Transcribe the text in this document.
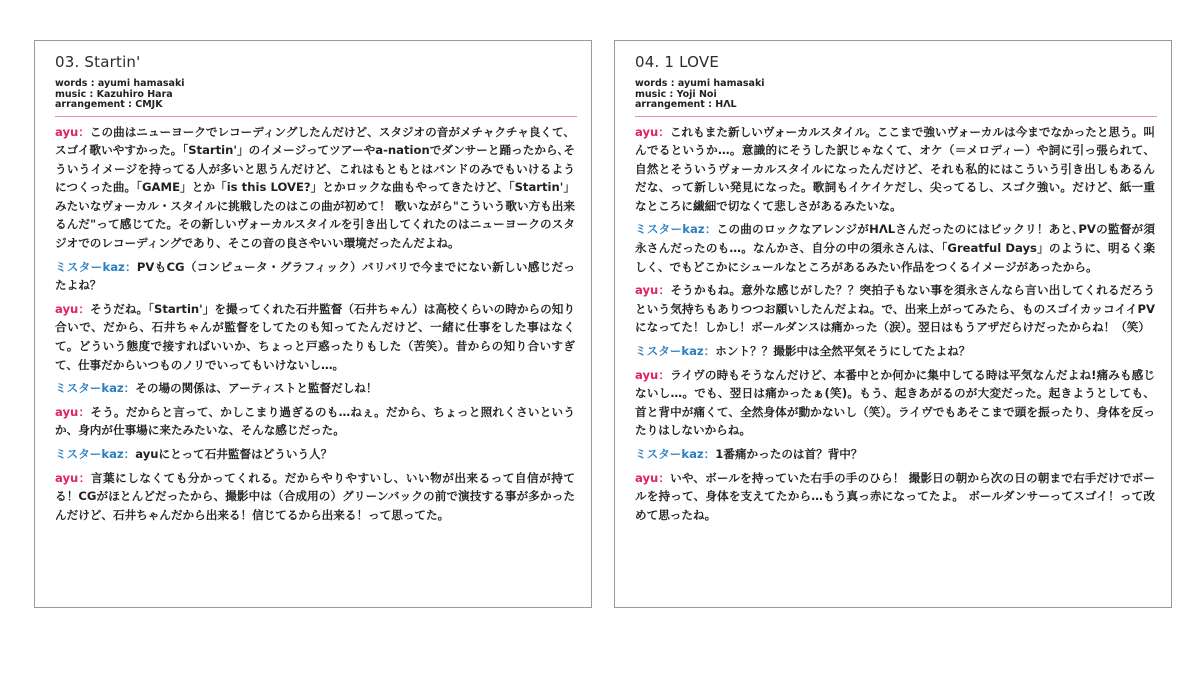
03. Startin'
words : ayumi hamasaki
music : Kazuhiro Hara
arrangement : CMJK

ayu：この曲はニューヨークでレコーディングしたんだけど、スタジオの音がメチャクチャ良くて、スゴイ歌いやすかった。「Startin'」のイメージってツアーやa-nationでダンサーと踊ったから､そういうイメージを持ってる人が多いと思うんだけど、これはもともとはバンドのみでもいけるようにつくった曲。「GAME」とか「is this LOVE?」とかロックな曲もやってきたけど、「Startin'」みたいなヴォーカル・スタイルに挑戦したのはこの曲が初めて！ 歌いながら"こういう歌い方も出来るんだ"って感じてた。その新しいヴォーカルスタイルを引き出してくれたのはニューヨークのスタジオでのレコーディングであり、そこの音の良さやいい環境だったんだよね。

ミスターkaz：PVもCG（コンピュータ・グラフィック）バリバリで今までにない新しい感じだったよね？

ayu：そうだね。「Startin'」を撮ってくれた石井監督（石井ちゃん）は高校くらいの時からの知り合いで、だから、石井ちゃんが監督をしてたのも知ってたんだけど、一緒に仕事をした事はなくて。どういう態度で接すればいいか、ちょっと戸惑ったりもした（苦笑）。昔からの知り合いすぎて、仕事だからいつものノリでいってもいけないし…。

ミスターkaz：その場の関係は、アーティストと監督だしね！

ayu：そう。だからと言って、かしこまり過ぎるのも…ねぇ。だから、ちょっと照れくさいというか、身内が仕事場に来たみたいな、そんな感じだった。

ミスターkaz：ayuにとって石井監督はどういう人？

ayu：言葉にしなくても分かってくれる。だからやりやすいし、いい物が出来るって自信が持てる！CGがほとんどだったから、撮影中は（合成用の）グリーンバックの前で演技する事が多かったんだけど、石井ちゃんだから出来る！信じてるから出来る！って思ってた。

04. 1 LOVE
words : ayumi hamasaki
music : Yoji Noi
arrangement : HΛL

ayu：これもまた新しいヴォーカルスタイル。ここまで強いヴォーカルは今までなかったと思う。叫んでるというか…。意識的にそうした訳じゃなくて、オケ（＝メロディー）や詞に引っ張られて、自然とそういうヴォーカルスタイルになったんだけど、それも私的にはこういう引き出しもあるんだな、って新しい発見になった。歌詞もイケイケだし、尖ってるし、スゴク強い。だけど、紙一重なところに繊細で切なくて悲しさがあるみたいな。

ミスターkaz：この曲のロックなアレンジがHΛLさんだったのにはビックリ！あと､PVの監督が須永さんだったのも…。なんかさ、自分の中の須永さんは、「Greatful Days」のように、明るく楽しく、でもどこかにシュールなところがあるみたい作品をつくるイメージがあったから。

ayu：そうかもね。意外な感じがした？？突拍子もない事を須永さんなら言い出してくれるだろうという気持ちもありつつお願いしたんだよね。で、出来上がってみたら、ものスゴイカッコイイPVになってた！しかし！ボールダンスは痛かった（涙）。翌日はもうアザだらけだったからね！（笑）

ミスターkaz：ホント？？撮影中は全然平気そうにしてたよね？

ayu：ライヴの時もそうなんだけど、本番中とか何かに集中してる時は平気なんだよね!痛みも感じないし…。でも、翌日は痛かったぁ(笑)。もう、起きあがるのが大変だった。起きようとしても、首と背中が痛くて、全然身体が動かないし（笑）。ライヴでもあそこまで頭を振ったり、身体を反ったりはしないからね。

ミスターkaz：1番痛かったのは首？背中？

ayu：いや、ボールを持っていた右手の手のひら！ 撮影日の朝から次の日の朝まで右手だけでボールを持って、身体を支えてたから…もう真っ赤になってたよ。 ボールダンサーってスゴイ！って改めて思ったね。
